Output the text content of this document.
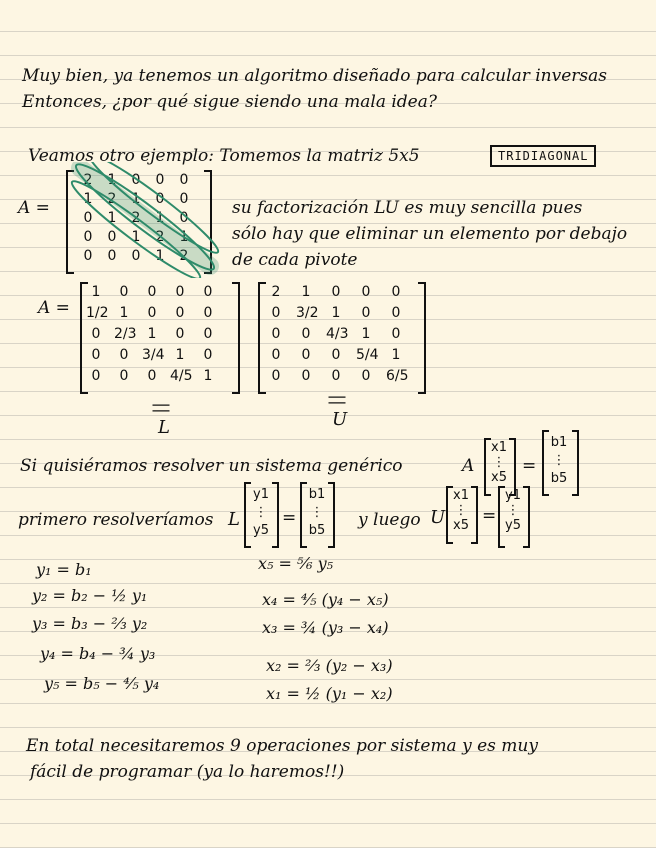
Muy bien, ya tenemos un algoritmo diseñado para calcular inversas
Entonces, ¿por qué sigue siendo una mala idea?
Veamos otro ejemplo: Tomemos la matriz 5x5	TRIDIAGONAL
A =
2	1	0	0	0
1	2	1	0	0
0	1	2	1	0
0	0	1	2	1
0	0	0	1	2
su factorización LU es muy sencilla pues
sólo hay que eliminar un elemento por debajo
de cada pivote
A =
1	0	0	0	0
1/2 1	0	0	0
0 2/3 1	0	0
0	0 3/4 1	0
0	0	0 4/5 1
2	1	0	0	0
0	3/2 1	0	0
0	0	4/3 1	0
0	0	0	5/4 1
0	0	0	0	6/5
||
L
||
U
Si quisiéramos resolver un sistema genérico	A
x1
⋮
x5
=
b1
⋮
b5
primero resolveríamos L
y1
⋮
y5
=
b1
⋮
b5
y luego U
x1
⋮
x5 =
y1
⋮
y5
y₁ = b₁
y₂ = b₂ − ½ y₁
y₃ = b₃ − ⅔ y₂
y₄ = b₄ − ¾ y₃
y₅ = b₅ − ⅘ y₄
x₅ = ⅚ y₅
x₄ = ⅘ (y₄ − x₅)
x₃ = ¾ (y₃ − x₄)
x₂ = ⅔ (y₂ − x₃)
x₁ = ½ (y₁ − x₂)
En total necesitaremos 9 operaciones por sistema y es muy
fácil de programar (ya lo haremos!!)
